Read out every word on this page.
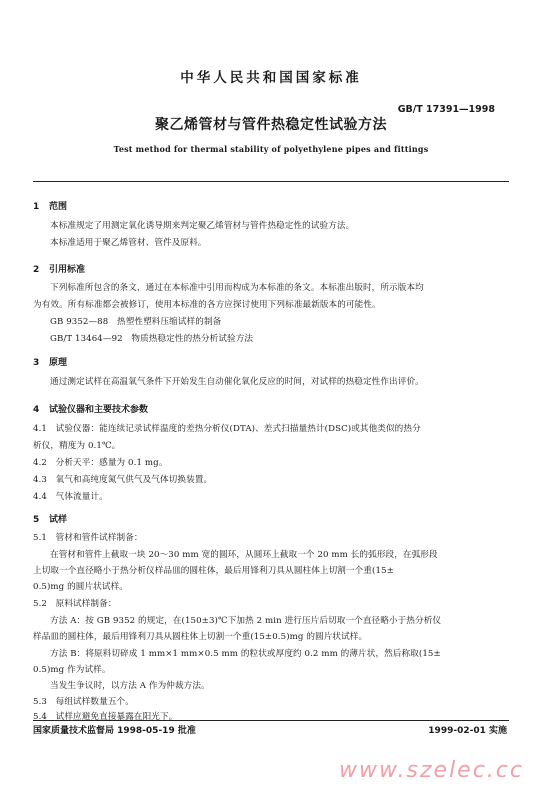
中华人民共和国国家标准
GB/T 17391—1998
聚乙烯管材与管件热稳定性试验方法
Test method for thermal stability of polyethylene pipes and fittings
1 范围
本标准规定了用测定氧化诱导期来判定聚乙烯管材与管件热稳定性的试验方法。
本标准适用于聚乙烯管材、管件及原料。
2 引用标准
下列标准所包含的条文，通过在本标准中引用而构成为本标准的条文。本标准出版时，所示版本均
为有效。所有标准都会被修订，使用本标准的各方应探讨使用下列标准最新版本的可能性。
GB 9352—88　热塑性塑料压缩试样的制备
GB/T 13464—92　物质热稳定性的热分析试验方法
3 原理
通过测定试样在高温氧气条件下开始发生自动催化氧化反应的时间，对试样的热稳定性作出评价。
4 试验仪器和主要技术参数
4.1　试验仪器：能连续记录试样温度的差热分析仪(DTA)、差式扫描量热计(DSC)或其他类似的热分
析仪，精度为 0.1℃。
4.2　分析天平：感量为 0.1 mg。
4.3　氧气和高纯度氮气供气及气体切换装置。
4.4　气体流量计。
5 试样
5.1　管材和管件试样制备：
在管材和管件上截取一块 20～30 mm 宽的圆环，从圆环上截取一个 20 mm 长的弧形段，在弧形段
上切取一个直径略小于热分析仪样品皿的圆柱体，最后用锋利刀具从圆柱体上切割一个重(15±
0.5)mg 的圆片状试样。
5.2　原料试样制备：
方法 A：按 GB 9352 的规定，在(150±3)℃下加热 2 min 进行压片后切取一个直径略小于热分析仪
样品皿的圆柱体，最后用锋利刀具从圆柱体上切割一个重(15±0.5)mg 的圆片状试样。
方法 B：将原料切碎成 1 mm×1 mm×0.5 mm 的粒状或厚度约 0.2 mm 的薄片状，然后称取(15±
0.5)mg 作为试样。
当发生争议时，以方法 A 作为仲裁方法。
5.3　每组试样数量五个。
5.4　试样应避免直接暴露在阳光下。
国家质量技术监督局 1998-05-19 批准	1999-02-01 实施
www.szelec.cc
